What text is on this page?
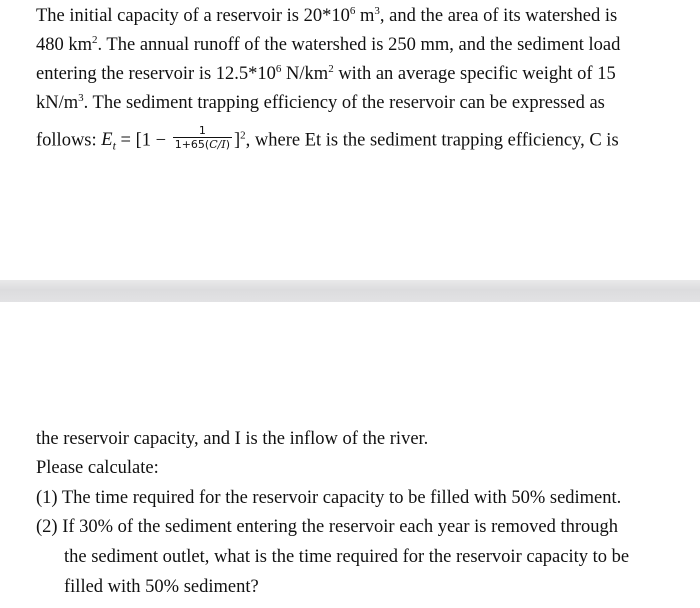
The initial capacity of a reservoir is $20*10^6$ $m^3$, and the area of its watershed is
480 $km^2$. The annual runoff of the watershed is 250 mm, and the sediment load
entering the reservoir is $12.5*10^6$ $N/km^2$ with an average specific weight of 15
$kN/m^3$. The sediment trapping efficiency of the reservoir can be expressed as
follows: $E_t = [1 - \frac{1}{1+65(C/I)} ]^2$, where Et is the sediment trapping efficiency, C is
the reservoir capacity, and I is the inflow of the river.
Please calculate:
(1) The time required for the reservoir capacity to be filled with 50% sediment.
(2) If 30% of the sediment entering the reservoir each year is removed through
the sediment outlet, what is the time required for the reservoir capacity to be
filled with 50% sediment?
